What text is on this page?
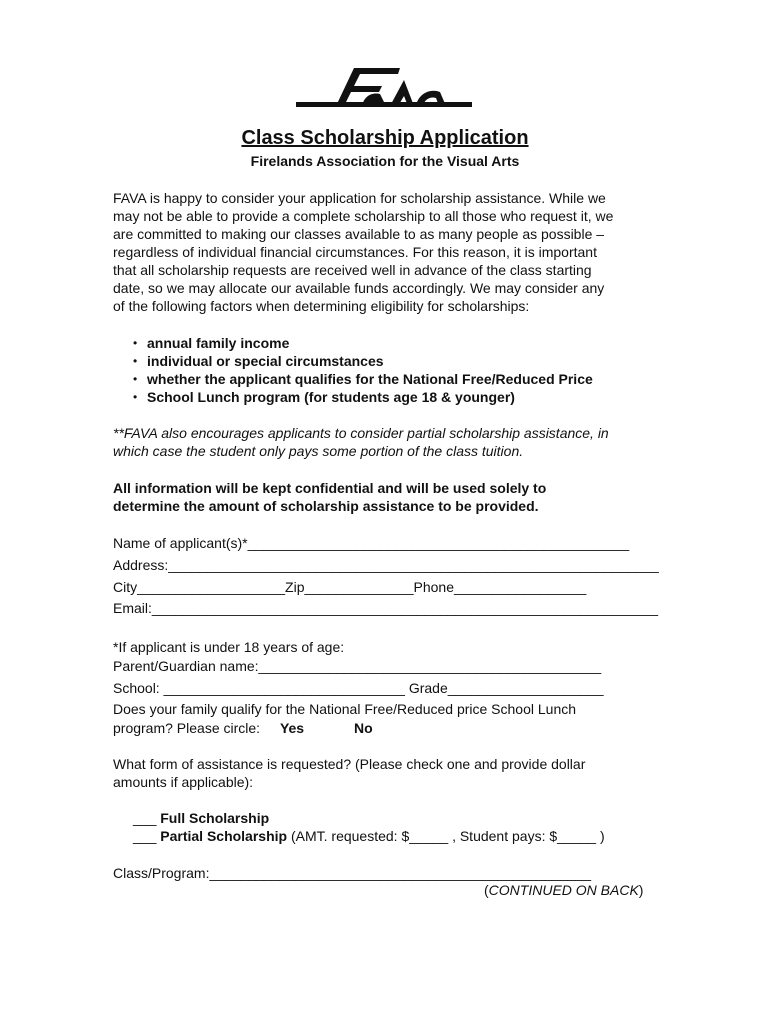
Class Scholarship Application
Firelands Association for the Visual Arts
FAVA is happy to consider your application for scholarship assistance. While we
may not be able to provide a complete scholarship to all those who request it, we
are committed to making our classes available to as many people as possible –
regardless of individual financial circumstances. For this reason, it is important
that all scholarship requests are received well in advance of the class starting
date, so we may allocate our available funds accordingly. We may consider any
of the following factors when determining eligibility for scholarships:
• annual family income
• individual or special circumstances
• whether the applicant qualifies for the National Free/Reduced Price
• School Lunch program (for students age 18 & younger)
**FAVA also encourages applicants to consider partial scholarship assistance, in
which case the student only pays some portion of the class tuition.
All information will be kept confidential and will be used solely to
determine the amount of scholarship assistance to be provided.
Name of applicant(s)*_________________________________________________
Address:_______________________________________________________________
City___________________Zip______________Phone_________________
Email:_________________________________________________________________
*If applicant is under 18 years of age:
Parent/Guardian name:____________________________________________
School: _______________________________ Grade____________________
Does your family qualify for the National Free/Reduced price School Lunch
program? Please circle: Yes	No
What form of assistance is requested? (Please check one and provide dollar
amounts if applicable):
___ Full Scholarship
___ Partial Scholarship (AMT. requested: $_____ , Student pays: $_____ )
Class/Program:_________________________________________________
(CONTINUED ON BACK)
